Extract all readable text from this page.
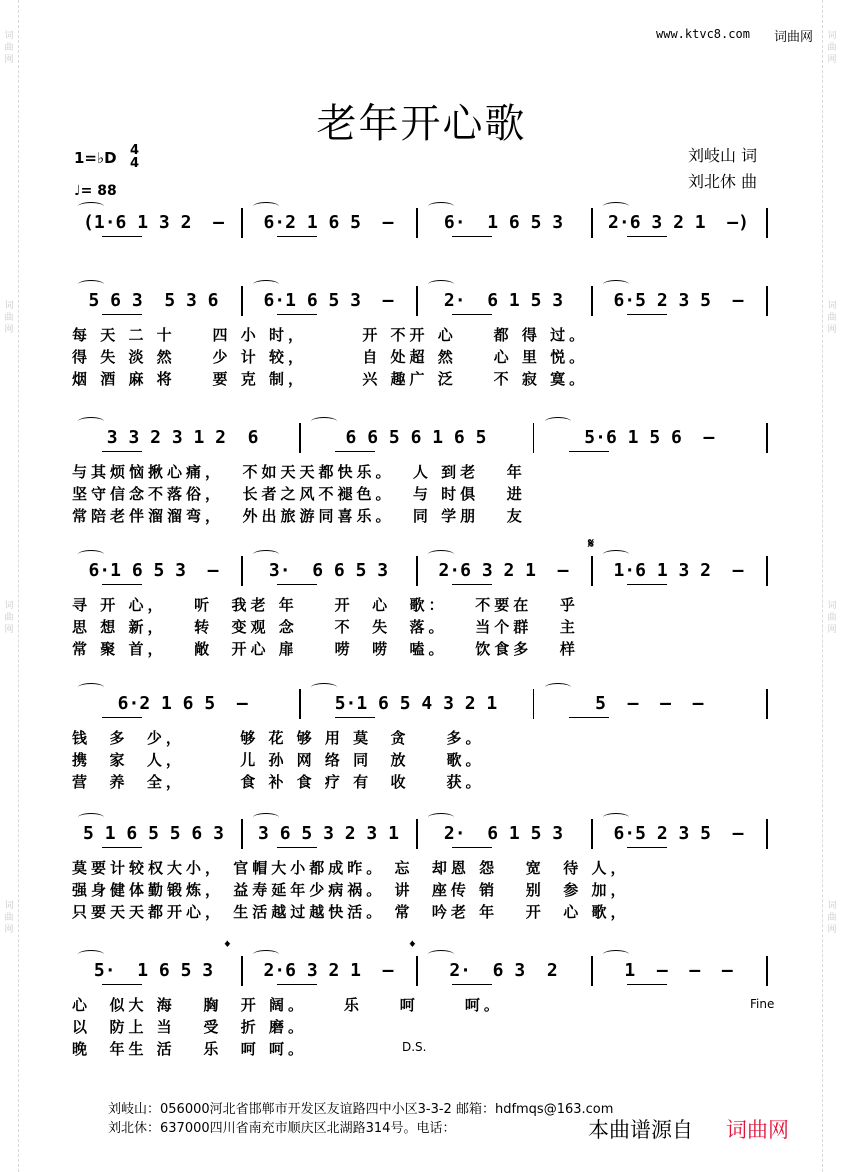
词曲网
词曲网
词曲网
词曲网
词曲网
词曲网
词曲网
词曲网
www.ktvc8.com 词曲网
老年开心歌
1=♭D 4
4
♩= 88
刘岐山 词
刘北休 曲
(1·6 1 3 2  –	6·2 1 6 5  –	6·  1 6 5 3	2·6 3 2 1  –)
5 6 3  5 3 6	6·1 6 5 3  –	2·  6 1 5 3	6·5 2 3 5  –
每 天 二 十    四 小 时，      开 不开 心    都 得 过。
得 失 淡 然    少 计 较，      自 处超 然    心 里 悦。
烟 酒 麻 将    要 克 制，      兴 趣广 泛    不 寂 寞。
3 3 2 3 1 2  6	6 6 5 6 1 6 5	5·6 1 5 6  –
与其烦恼揪心痛，  不如天天都快乐。  人 到老   年
坚守信念不落俗，  长者之风不褪色。  与 时俱   进
常陪老伴溜溜弯，  外出旅游同喜乐。  同 学朋   友
6·1 6 5 3  –	3·  6 6 5 3	2·6 3 2 1  –	1·6 1 3 2  –
寻 开 心，   听  我老 年    开  心  歌：   不要在   乎
思 想 新，   转  变观 念    不  失  落。   当个群   主
常 聚 首，   敞  开心 扉    唠  唠  嗑。   饮食多   样
6·2 1 6 5  –	5·1 6 5 4 3 2 1	5  –  –  –
钱  多  少，      够 花 够 用 莫  贪    多。
携  家  人，      儿 孙 网 络 同  放    歌。
营  养  全，      食 补 食 疗 有  收    获。
5 1 6 5 5 6 3	3 6 5 3 2 3 1	2·  6 1 5 3	6·5 2 3 5  –
莫要计较权大小， 官帽大小都成昨。 忘  却恩 怨   宽  待 人，
强身健体勤锻炼， 益寿延年少病祸。 讲  座传 销   别  参 加，
只要天天都开心， 生活越过越快活。 常  吟老 年   开  心 歌，
5·  1 6 5 3	2·6 3 2 1  –	2·  6 3  2	1  –  –  –
心  似大 海   胸  开 阔。    乐    呵     呵。
以  防上 当   受  折 磨。
晚  年生 活   乐  呵 呵。
𝄋
𝄌	𝄌
D.S.
Fine
刘岐山：056000河北省邯郸市开发区友谊路四中小区3-3-2 邮箱：hdfmqs@163.com
刘北休：637000四川省南充市顺庆区北湖路314号。电话：	本曲谱源自 词曲网
